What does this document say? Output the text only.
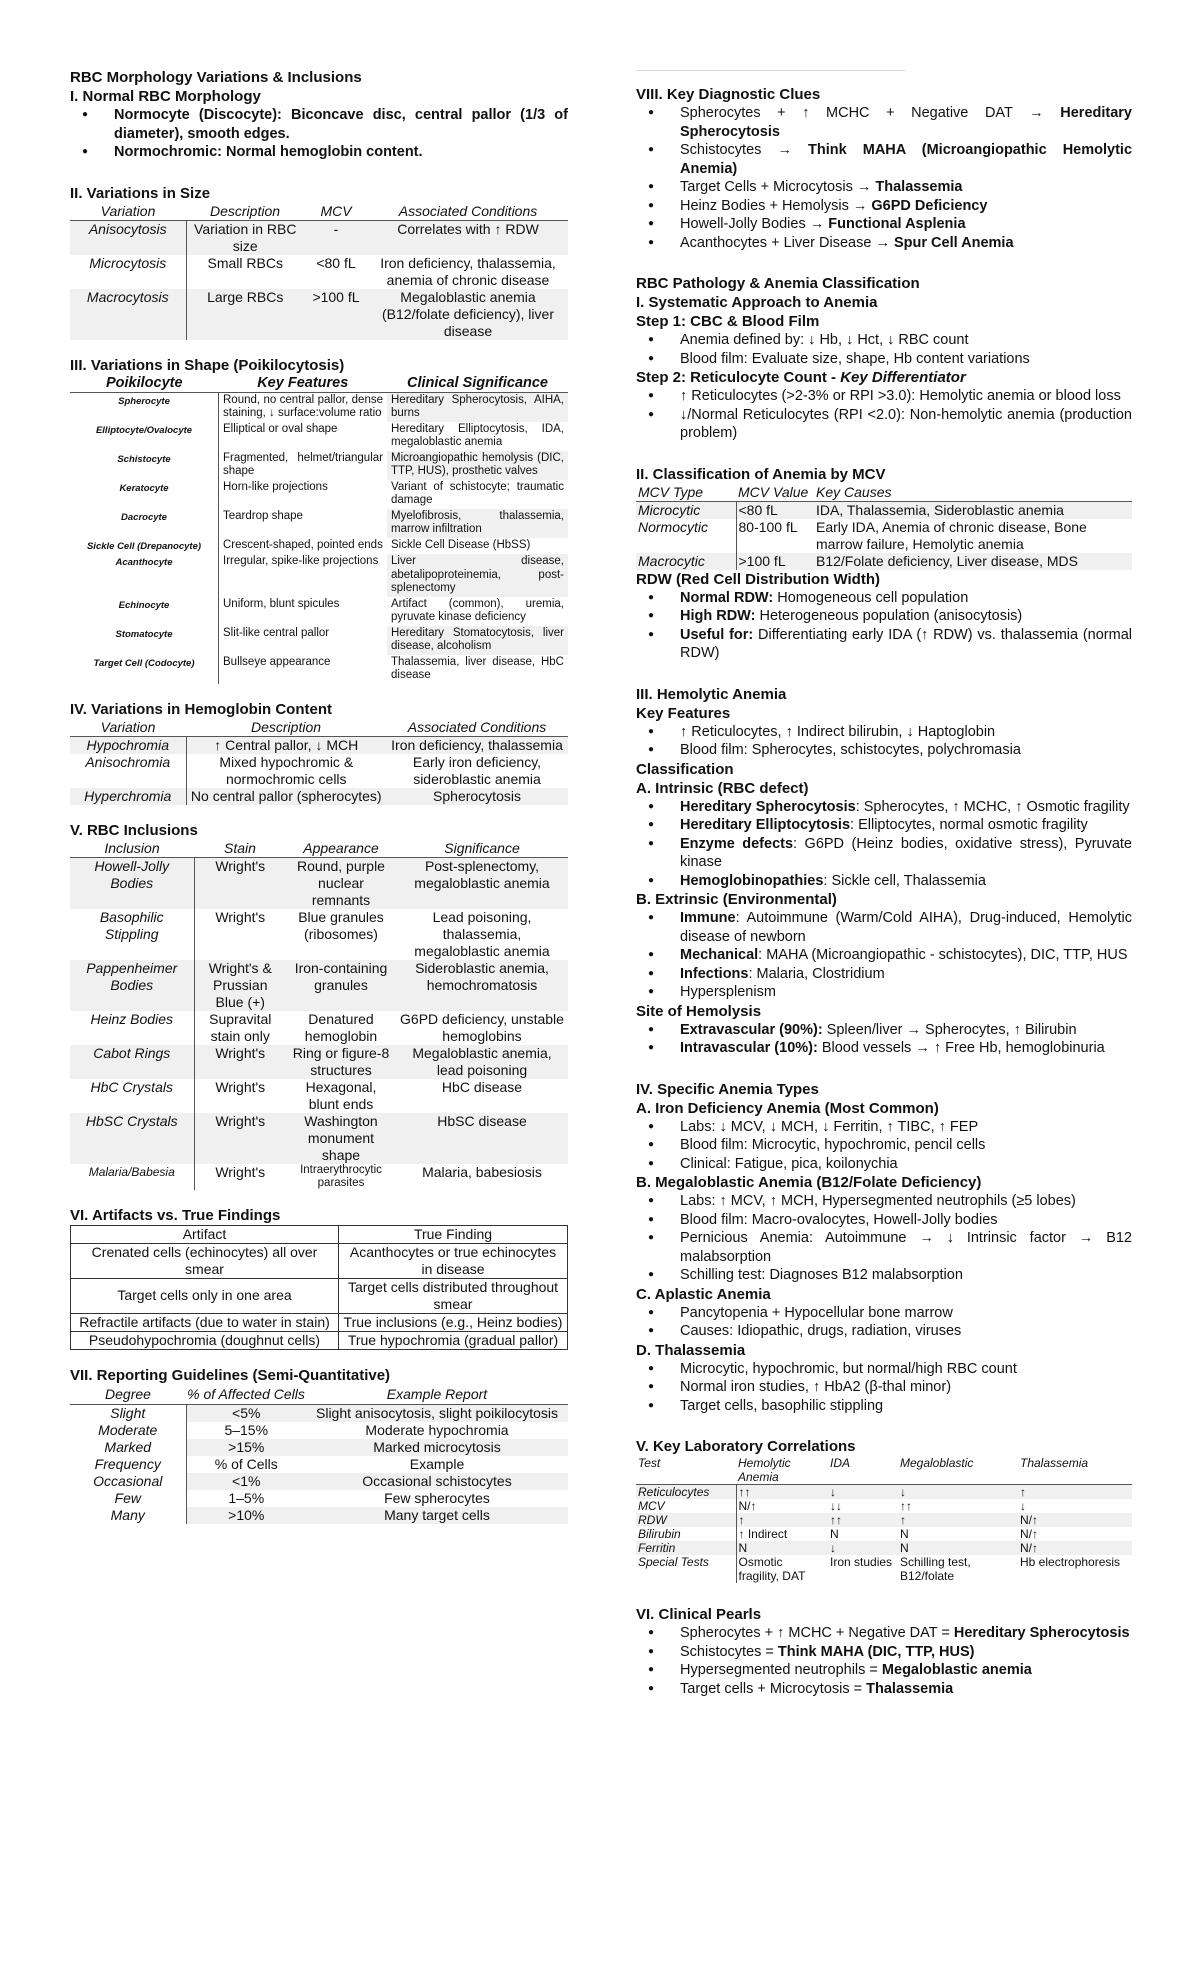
RBC Morphology Variations & Inclusions
I. Normal RBC Morphology
● Normocyte (Discocyte): Biconcave disc, central pallor (1/3 of diameter), smooth edges.
● Normochromic: Normal hemoglobin content.
II. Variations in Size
Variation	Description	MCV	Associated Conditions
Anisocytosis	Variation in RBC size	-	Correlates with ↑ RDW
Microcytosis	Small RBCs	<80 fL	Iron deficiency, thalassemia, anemia of chronic disease
Macrocytosis	Large RBCs	>100 fL	Megaloblastic anemia (B12/folate deficiency), liver disease
III. Variations in Shape (Poikilocytosis)
Poikilocyte	Key Features	Clinical Significance
Spherocyte	Round, no central pallor, dense staining, ↓ surface:volume ratio	Hereditary Spherocytosis, AIHA, burns
Elliptocyte/Ovalocyte	Elliptical or oval shape	Hereditary Elliptocytosis, IDA, megaloblastic anemia
Schistocyte	Fragmented, helmet/triangular shape	Microangiopathic hemolysis (DIC, TTP, HUS), prosthetic valves
Keratocyte	Horn-like projections	Variant of schistocyte; traumatic damage
Dacrocyte	Teardrop shape	Myelofibrosis, thalassemia, marrow infiltration
Sickle Cell (Drepanocyte)	Crescent-shaped, pointed ends	Sickle Cell Disease (HbSS)
Acanthocyte	Irregular, spike-like projections	Liver disease, abetalipoproteinemia, post-splenectomy
Echinocyte	Uniform, blunt spicules	Artifact (common), uremia, pyruvate kinase deficiency
Stomatocyte	Slit-like central pallor	Hereditary Stomatocytosis, liver disease, alcoholism
Target Cell (Codocyte)	Bullseye appearance	Thalassemia, liver disease, HbC disease
IV. Variations in Hemoglobin Content
Variation	Description	Associated Conditions
Hypochromia	↑ Central pallor, ↓ MCH	Iron deficiency, thalassemia
Anisochromia	Mixed hypochromic & normochromic cells	Early iron deficiency, sideroblastic anemia
Hyperchromia	No central pallor (spherocytes)	Spherocytosis
V. RBC Inclusions
Inclusion	Stain	Appearance	Significance
Howell-Jolly Bodies	Wright's	Round, purple nuclear remnants	Post-splenectomy, megaloblastic anemia
Basophilic Stippling	Wright's	Blue granules (ribosomes)	Lead poisoning, thalassemia, megaloblastic anemia
Pappenheimer Bodies	Wright's & Prussian Blue (+)	Iron-containing granules	Sideroblastic anemia, hemochromatosis
Heinz Bodies	Supravital stain only	Denatured hemoglobin	G6PD deficiency, unstable hemoglobins
Cabot Rings	Wright's	Ring or figure-8 structures	Megaloblastic anemia, lead poisoning
HbC Crystals	Wright's	Hexagonal, blunt ends	HbC disease
HbSC Crystals	Wright's	Washington monument shape	HbSC disease
Malaria/Babesia	Wright's	Intraerythrocytic parasites	Malaria, babesiosis
VI. Artifacts vs. True Findings
Artifact	True Finding
Crenated cells (echinocytes) all over smear	Acanthocytes or true echinocytes in disease
Target cells only in one area	Target cells distributed throughout smear
Refractile artifacts (due to water in stain)	True inclusions (e.g., Heinz bodies)
Pseudohypochromia (doughnut cells)	True hypochromia (gradual pallor)
VII. Reporting Guidelines (Semi-Quantitative)
Degree	% of Affected Cells	Example Report
Slight	<5%	Slight anisocytosis, slight poikilocytosis
Moderate	5–15%	Moderate hypochromia
Marked	>15%	Marked microcytosis
Frequency	% of Cells	Example
Occasional	<1%	Occasional schistocytes
Few	1–5%	Few spherocytes
Many	>10%	Many target cells
VIII. Key Diagnostic Clues
● Spherocytes + ↑ MCHC + Negative DAT → Hereditary Spherocytosis
● Schistocytes → Think MAHA (Microangiopathic Hemolytic Anemia)
● Target Cells + Microcytosis → Thalassemia
● Heinz Bodies + Hemolysis → G6PD Deficiency
● Howell-Jolly Bodies → Functional Asplenia
● Acanthocytes + Liver Disease → Spur Cell Anemia
RBC Pathology & Anemia Classification
I. Systematic Approach to Anemia
Step 1: CBC & Blood Film
● Anemia defined by: ↓ Hb, ↓ Hct, ↓ RBC count
● Blood film: Evaluate size, shape, Hb content variations
Step 2: Reticulocyte Count - Key Differentiator
● ↑ Reticulocytes (>2-3% or RPI >3.0): Hemolytic anemia or blood loss
● ↓/Normal Reticulocytes (RPI <2.0): Non-hemolytic anemia (production problem)
II. Classification of Anemia by MCV
MCV Type	MCV Value	Key Causes
Microcytic	<80 fL	IDA, Thalassemia, Sideroblastic anemia
Normocytic	80-100 fL	Early IDA, Anemia of chronic disease, Bone marrow failure, Hemolytic anemia
Macrocytic	>100 fL	B12/Folate deficiency, Liver disease, MDS
RDW (Red Cell Distribution Width)
● Normal RDW: Homogeneous cell population
● High RDW: Heterogeneous population (anisocytosis)
● Useful for: Differentiating early IDA (↑ RDW) vs. thalassemia (normal RDW)
III. Hemolytic Anemia
Key Features
● ↑ Reticulocytes, ↑ Indirect bilirubin, ↓ Haptoglobin
● Blood film: Spherocytes, schistocytes, polychromasia
Classification
A. Intrinsic (RBC defect)
● Hereditary Spherocytosis: Spherocytes, ↑ MCHC, ↑ Osmotic fragility
● Hereditary Elliptocytosis: Elliptocytes, normal osmotic fragility
● Enzyme defects: G6PD (Heinz bodies, oxidative stress), Pyruvate kinase
● Hemoglobinopathies: Sickle cell, Thalassemia
B. Extrinsic (Environmental)
● Immune: Autoimmune (Warm/Cold AIHA), Drug-induced, Hemolytic disease of newborn
● Mechanical: MAHA (Microangiopathic - schistocytes), DIC, TTP, HUS
● Infections: Malaria, Clostridium
● Hypersplenism
Site of Hemolysis
● Extravascular (90%): Spleen/liver → Spherocytes, ↑ Bilirubin
● Intravascular (10%): Blood vessels → ↑ Free Hb, hemoglobinuria
IV. Specific Anemia Types
A. Iron Deficiency Anemia (Most Common)
● Labs: ↓ MCV, ↓ MCH, ↓ Ferritin, ↑ TIBC, ↑ FEP
● Blood film: Microcytic, hypochromic, pencil cells
● Clinical: Fatigue, pica, koilonychia
B. Megaloblastic Anemia (B12/Folate Deficiency)
● Labs: ↑ MCV, ↑ MCH, Hypersegmented neutrophils (≥5 lobes)
● Blood film: Macro-ovalocytes, Howell-Jolly bodies
● Pernicious Anemia: Autoimmune → ↓ Intrinsic factor → B12 malabsorption
● Schilling test: Diagnoses B12 malabsorption
C. Aplastic Anemia
● Pancytopenia + Hypocellular bone marrow
● Causes: Idiopathic, drugs, radiation, viruses
D. Thalassemia
● Microcytic, hypochromic, but normal/high RBC count
● Normal iron studies, ↑ HbA2 (β-thal minor)
● Target cells, basophilic stippling
V. Key Laboratory Correlations
Test	Hemolytic Anemia	IDA	Megaloblastic	Thalassemia
Reticulocytes	↑↑	↓	↓	↑
MCV	N/↑	↓↓	↑↑	↓
RDW	↑	↑↑	↑	N/↑
Bilirubin	↑ Indirect	N	N	N/↑
Ferritin	N	↓	N	N/↑
Special Tests	Osmotic fragility, DAT	Iron studies	Schilling test, B12/folate	Hb electrophoresis
VI. Clinical Pearls
● Spherocytes + ↑ MCHC + Negative DAT = Hereditary Spherocytosis
● Schistocytes = Think MAHA (DIC, TTP, HUS)
● Hypersegmented neutrophils = Megaloblastic anemia
● Target cells + Microcytosis = Thalassemia
